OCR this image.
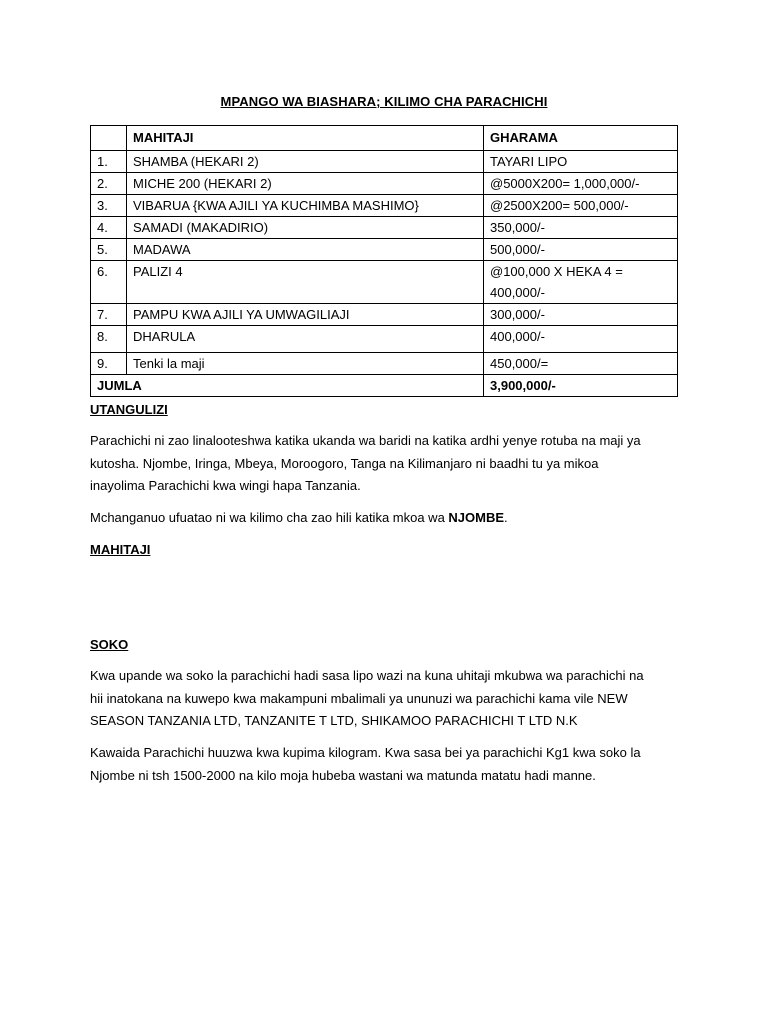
MPANGO WA BIASHARA; KILIMO CHA PARACHICHI
	MAHITAJI	GHARAMA
1.	SHAMBA (HEKARI 2)	TAYARI LIPO
2.	MICHE 200 (HEKARI 2)	@5000X200= 1,000,000/-
3.	VIBARUA {KWA AJILI YA KUCHIMBA MASHIMO}	@2500X200= 500,000/-
4.	SAMADI (MAKADIRIO)	350,000/-
5.	MADAWA	500,000/-
6.	PALIZI 4	@100,000 X HEKA 4 =
400,000/-

7.	PAMPU KWA AJILI YA UMWAGILIAJI	300,000/-
8.	DHARULA	400,000/-
9.	Tenki la maji	450,000/=
JUMLA		3,900,000/-
UTANGULIZI
Parachichi ni zao linalooteshwa katika ukanda wa baridi na katika ardhi yenye rotuba na maji ya
kutosha. Njombe, Iringa, Mbeya, Moroogoro, Tanga na Kilimanjaro ni baadhi tu ya mikoa
inayolima Parachichi kwa wingi hapa Tanzania.
Mchanganuo ufuatao ni wa kilimo cha zao hili katika mkoa wa NJOMBE.
MAHITAJI
SOKO
Kwa upande wa soko la parachichi hadi sasa lipo wazi na kuna uhitaji mkubwa wa parachichi na
hii inatokana na kuwepo kwa makampuni mbalimali ya ununuzi wa parachichi kama vile NEW
SEASON TANZANIA LTD, TANZANITE T LTD, SHIKAMOO PARACHICHI T LTD N.K
Kawaida Parachichi huuzwa kwa kupima kilogram. Kwa sasa bei ya parachichi Kg1 kwa soko la
Njombe ni tsh 1500-2000 na kilo moja hubeba wastani wa matunda matatu hadi manne.
